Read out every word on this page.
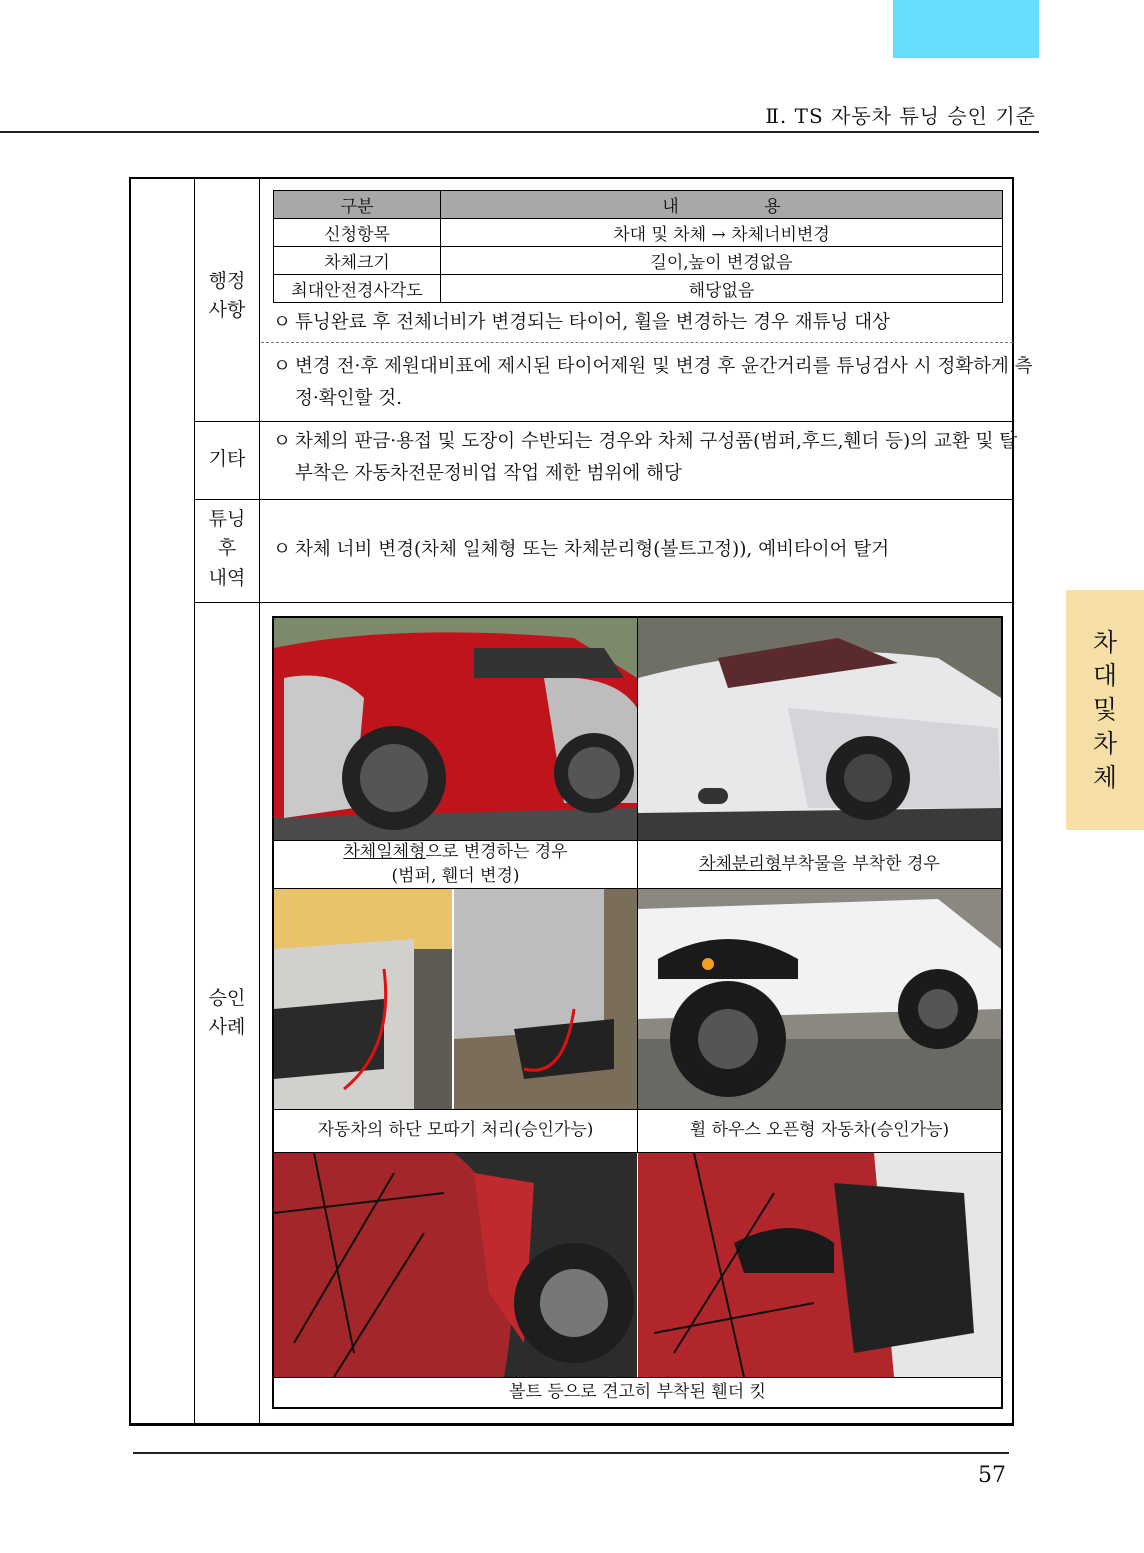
Ⅱ. TS 자동차 튜닝 승인 기준
차
대
및
차
체
행정
사항
구분	내 용
신청항목	차대 및 차체 → 차체너비변경
차체크기	길이,높이 변경없음
최대안전경사각도	해당없음
ㅇ 튜닝완료 후 전체너비가 변경되는 타이어, 휠을 변경하는 경우 재튜닝 대상
ㅇ 변경 전·후 제원대비표에 제시된 타이어제원 및 변경 후 윤간거리를 튜닝검사 시 정확하게 측정·확인할 것.
기타
ㅇ 차체의 판금·용접 및 도장이 수반되는 경우와 차체 구성품(범퍼,후드,휀더 등)의 교환 및 탈부착은 자동차전문정비업 작업 제한 범위에 해당
튜닝
후
내역
ㅇ 차체 너비 변경(차체 일체형 또는 차체분리형(볼트고정)), 예비타이어 탈거
승인
사례
차체일체형으로 변경하는 경우
(범퍼, 휀더 변경)
차체분리형 부착물을 부착한 경우
자동차의 하단 모따기 처리(승인가능)	휠 하우스 오픈형 자동차(승인가능)
볼트 등으로 견고히 부착된 휀더 킷
57
